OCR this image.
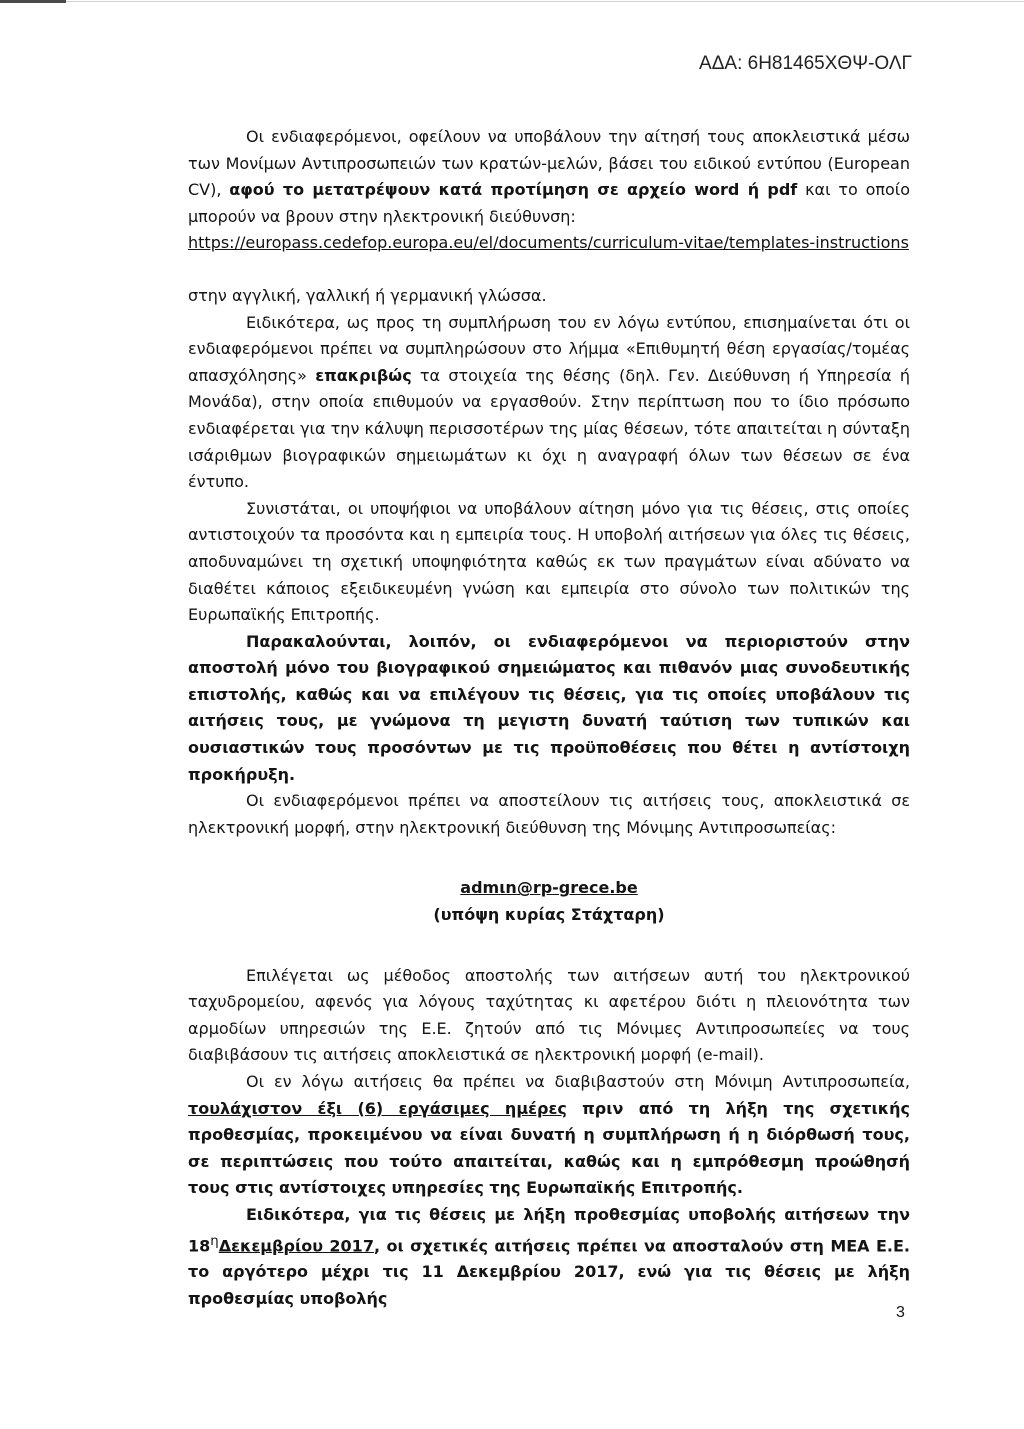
ΑΔΑ: 6Η81465ΧΘΨ-ΟΛΓ

Οι ενδιαφερόμενοι, οφείλουν να υποβάλουν την αίτησή τους αποκλειστικά μέσω των Μονίμων Αντιπροσωπειών των κρατών-μελών, βάσει του ειδικού εντύπου (European CV), αφού το μετατρέψουν κατά προτίμηση σε αρχείο word ή pdf και το οποίο μπορούν να βρουν στην ηλεκτρονική διεύθυνση:

https://europass.cedefop.europa.eu/el/documents/curriculum-vitae/templates-instructions

στην αγγλική, γαλλική ή γερμανική γλώσσα.

Ειδικότερα, ως προς τη συμπλήρωση του εν λόγω εντύπου, επισημαίνεται ότι οι ενδιαφερόμενοι πρέπει να συμπληρώσουν στο λήμμα «Επιθυμητή θέση εργασίας/τομέας απασχόλησης» επακριβώς τα στοιχεία της θέσης (δηλ. Γεν. Διεύθυνση ή Υπηρεσία ή Μονάδα), στην οποία επιθυμούν να εργασθούν. Στην περίπτωση που το ίδιο πρόσωπο ενδιαφέρεται για την κάλυψη περισσοτέρων της μίας θέσεων, τότε απαιτείται η σύνταξη ισάριθμων βιογραφικών σημειωμάτων κι όχι η αναγραφή όλων των θέσεων σε ένα έντυπο.

Συνιστάται, οι υποψήφιοι να υποβάλουν αίτηση μόνο για τις θέσεις, στις οποίες αντιστοιχούν τα προσόντα και η εμπειρία τους. Η υποβολή αιτήσεων για όλες τις θέσεις, αποδυναμώνει τη σχετική υποψηφιότητα καθώς εκ των πραγμάτων είναι αδύνατο να διαθέτει κάποιος εξειδικευμένη γνώση και εμπειρία στο σύνολο των πολιτικών της Ευρωπαϊκής Επιτροπής.

Παρακαλούνται, λοιπόν, οι ενδιαφερόμενοι να περιοριστούν στην αποστολή μόνο του βιογραφικού σημειώματος και πιθανόν μιας συνοδευτικής επιστολής, καθώς και να επιλέγουν τις θέσεις, για τις οποίες υποβάλουν τις αιτήσεις τους, με γνώμονα τη μεγιστη δυνατή ταύτιση των τυπικών και ουσιαστικών τους προσόντων με τις προϋποθέσεις που θέτει η αντίστοιχη προκήρυξη.

Οι ενδιαφερόμενοι πρέπει να αποστείλουν τις αιτήσεις τους, αποκλειστικά σε ηλεκτρονική μορφή, στην ηλεκτρονική διεύθυνση της Μόνιμης Αντιπροσωπείας:

admιn@rp-grece.be

(υπόψη κυρίας Στάχταρη)

Επιλέγεται ως μέθοδος αποστολής των αιτήσεων αυτή του ηλεκτρονικού ταχυδρομείου, αφενός για λόγους ταχύτητας κι αφετέρου διότι η πλειονότητα των αρμοδίων υπηρεσιών της Ε.Ε. ζητούν από τις Μόνιμες Αντιπροσωπείες να τους διαβιβάσουν τις αιτήσεις αποκλειστικά σε ηλεκτρονική μορφή (e-mail).

Οι εν λόγω αιτήσεις θα πρέπει να διαβιβαστούν στη Μόνιμη Αντιπροσωπεία, τουλάχιστον έξι (6) εργάσιμες ημέρες πριν από τη λήξη της σχετικής προθεσμίας, προκειμένου να είναι δυνατή η συμπλήρωση ή η διόρθωσή τους, σε περιπτώσεις που τούτο απαιτείται, καθώς και η εμπρόθεσμη προώθησή τους στις αντίστοιχες υπηρεσίες της Ευρωπαϊκής Επιτροπής.

Ειδικότερα, για τις θέσεις με λήξη προθεσμίας υποβολής αιτήσεων την $18^\eta\Delta\varepsilon\kappa\varepsilon\mu\beta\rho ίo\upsilon$ 2017, οι σχετικές αιτήσεις πρέπει να αποσταλούν στη ΜΕΑ Ε.Ε. το αργότερο μέχρι τις 11 Δεκεμβρίου 2017, ενώ για τις θέσεις με λήξη προθεσμίας υποβολής

3
